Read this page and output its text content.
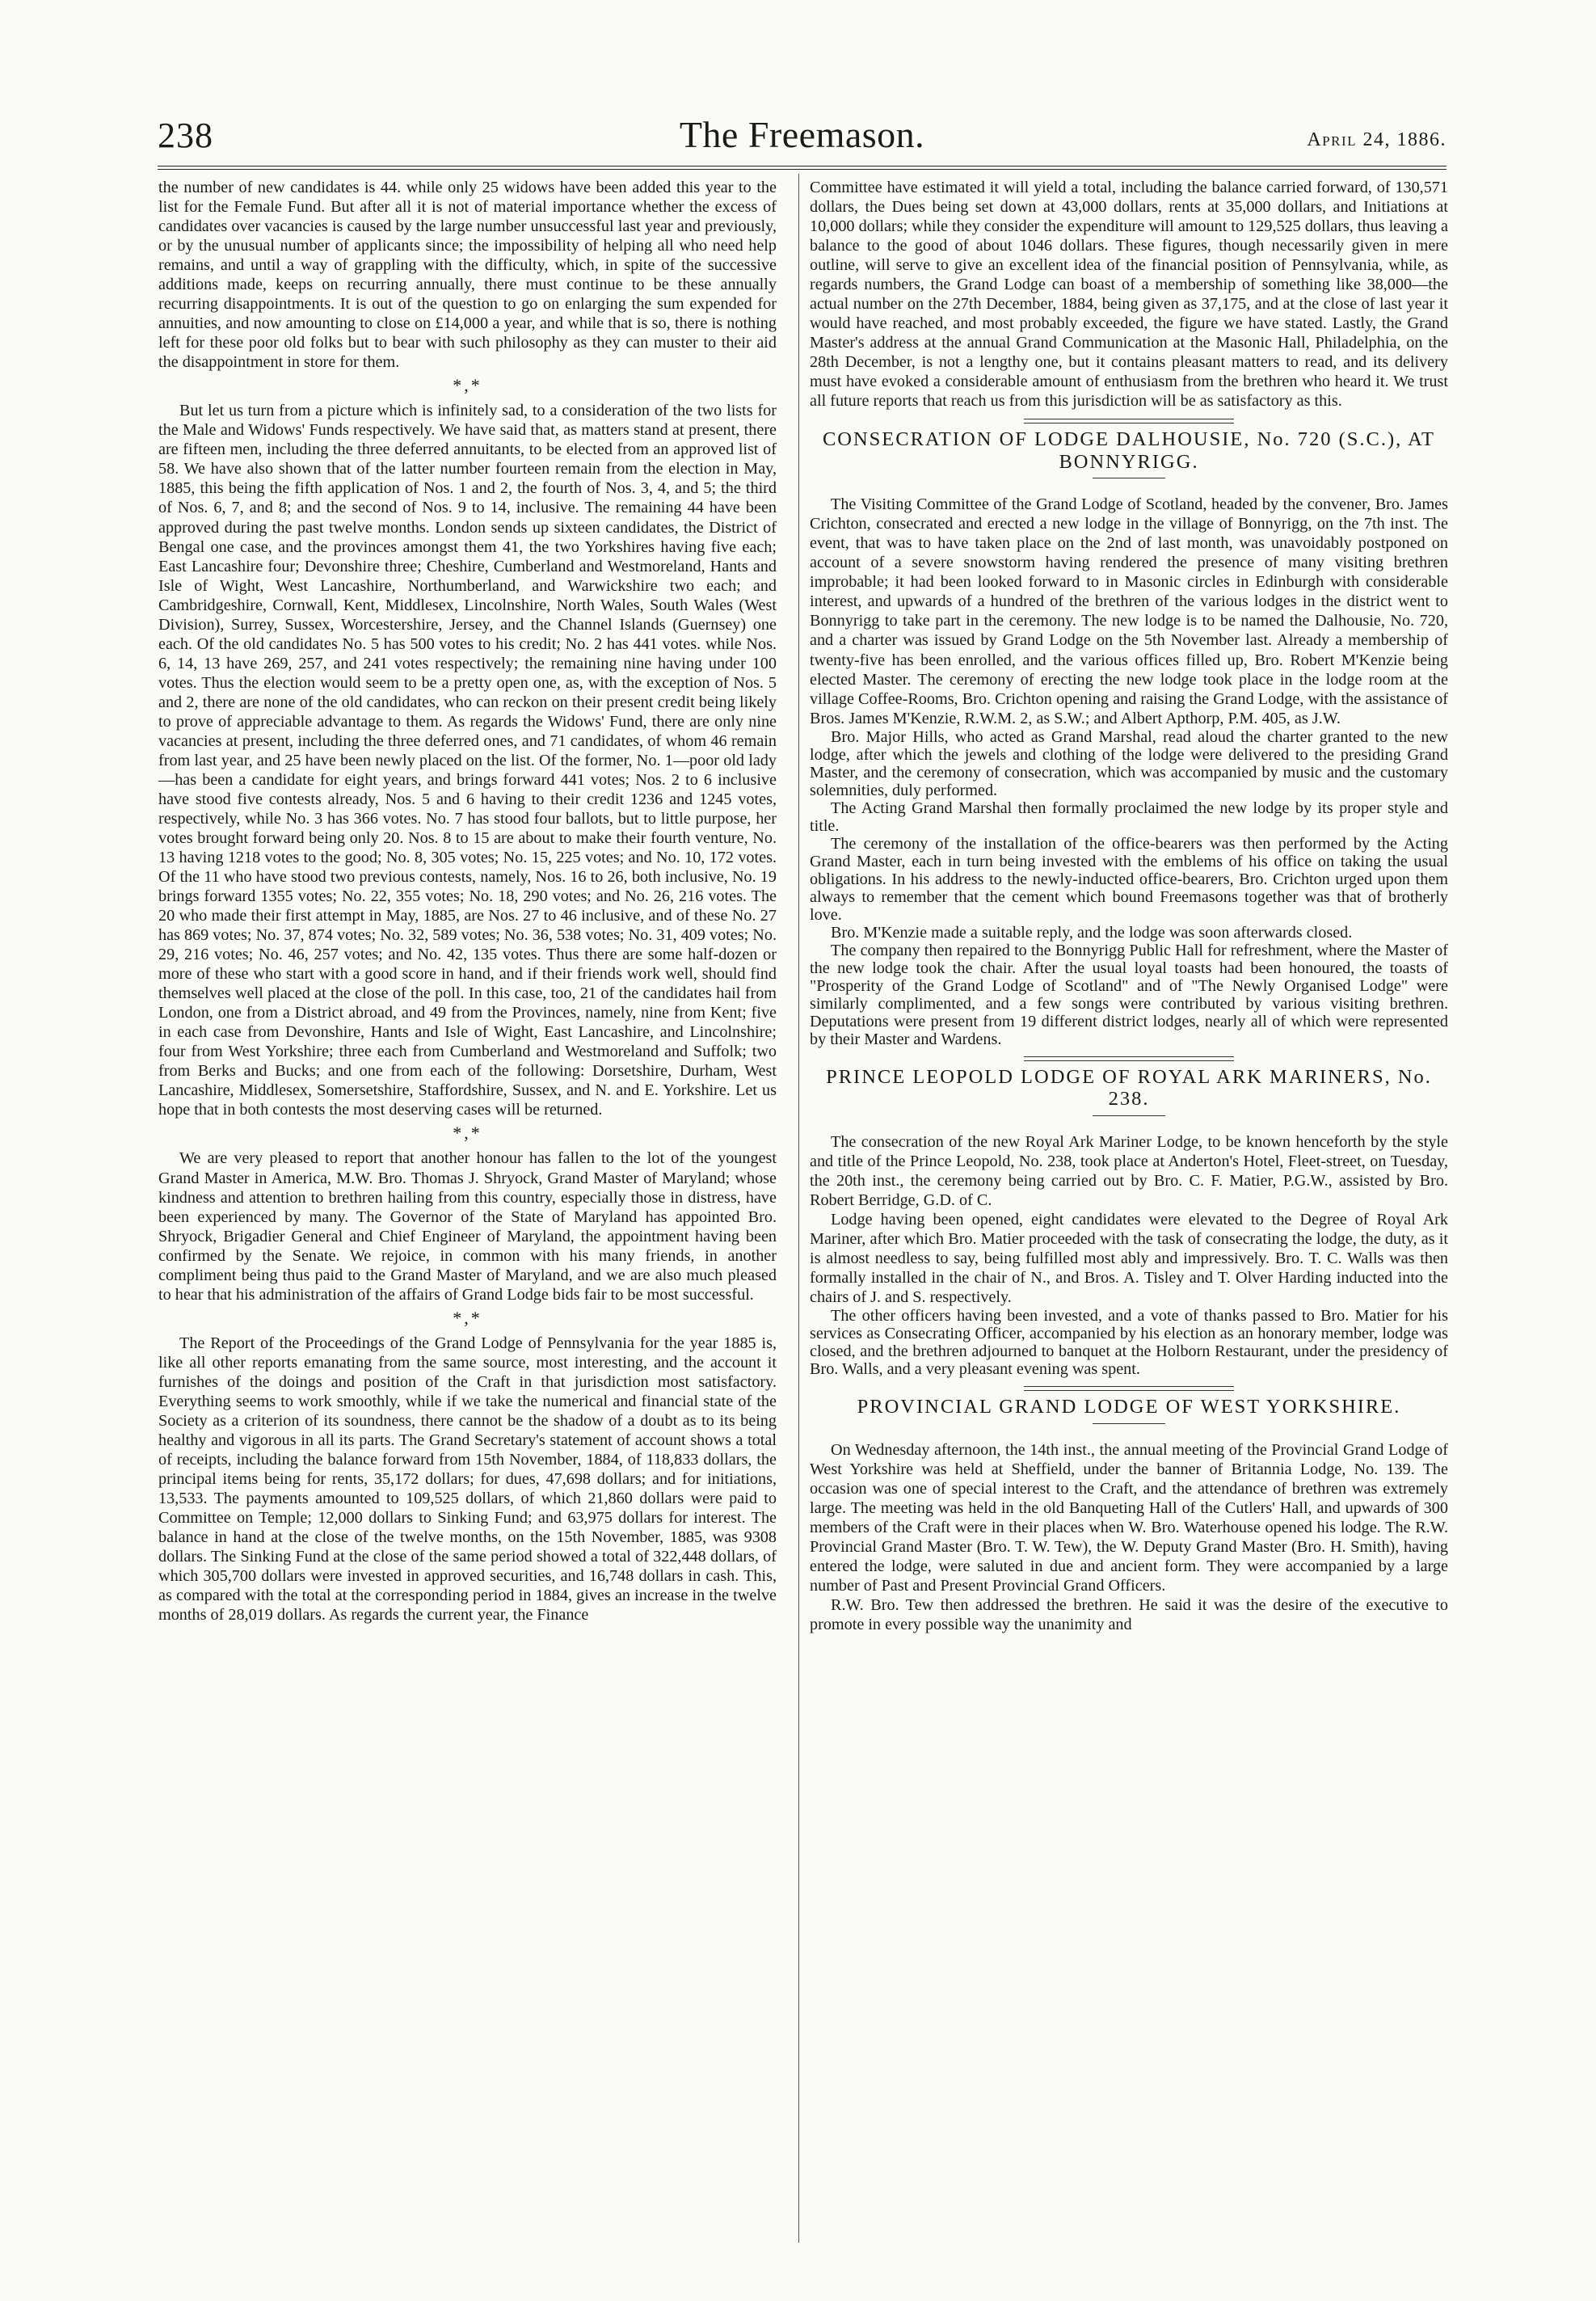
238	The Freemason.	April 24, 1886.

the number of new candidates is 44. while only 25 widows have been added this year to the list for the Female Fund. But after all it is not of material importance whether the excess of candidates over vacancies is caused by the large number unsuccessful last year and previously, or by the unusual number of applicants since; the impossibility of helping all who need help remains, and until a way of grappling with the difficulty, which, in spite of the successive additions made, keeps on recurring annually, there must continue to be these annually recurring disappointments. It is out of the question to go on enlarging the sum expended for annuities, and now amounting to close on £14,000 a year, and while that is so, there is nothing left for these poor old folks but to bear with such philosophy as they can muster to their aid the disappointment in store for them.

*,*

But let us turn from a picture which is infinitely sad, to a consideration of the two lists for the Male and Widows' Funds respectively. We have said that, as matters stand at present, there are fifteen men, including the three deferred annuitants, to be elected from an approved list of 58. We have also shown that of the latter number fourteen remain from the election in May, 1885, this being the fifth application of Nos. 1 and 2, the fourth of Nos. 3, 4, and 5; the third of Nos. 6, 7, and 8; and the second of Nos. 9 to 14, inclusive. The remaining 44 have been approved during the past twelve months. London sends up sixteen candidates, the District of Bengal one case, and the provinces amongst them 41, the two Yorkshires having five each; East Lancashire four; Devonshire three; Cheshire, Cumberland and Westmoreland, Hants and Isle of Wight, West Lancashire, Northumberland, and Warwickshire two each; and Cambridgeshire, Cornwall, Kent, Middlesex, Lincolnshire, North Wales, South Wales (West Division), Surrey, Sussex, Worcestershire, Jersey, and the Channel Islands (Guernsey) one each. Of the old candidates No. 5 has 500 votes to his credit; No. 2 has 441 votes. while Nos. 6, 14, 13 have 269, 257, and 241 votes respectively; the remaining nine having under 100 votes. Thus the election would seem to be a pretty open one, as, with the exception of Nos. 5 and 2, there are none of the old candidates, who can reckon on their present credit being likely to prove of appreciable advantage to them. As regards the Widows' Fund, there are only nine vacancies at present, including the three deferred ones, and 71 candidates, of whom 46 remain from last year, and 25 have been newly placed on the list. Of the former, No. 1—poor old lady—has been a candidate for eight years, and brings forward 441 votes; Nos. 2 to 6 inclusive have stood five contests already, Nos. 5 and 6 having to their credit 1236 and 1245 votes, respectively, while No. 3 has 366 votes. No. 7 has stood four ballots, but to little purpose, her votes brought forward being only 20. Nos. 8 to 15 are about to make their fourth venture, No. 13 having 1218 votes to the good; No. 8, 305 votes; No. 15, 225 votes; and No. 10, 172 votes. Of the 11 who have stood two previous contests, namely, Nos. 16 to 26, both inclusive, No. 19 brings forward 1355 votes; No. 22, 355 votes; No. 18, 290 votes; and No. 26, 216 votes. The 20 who made their first attempt in May, 1885, are Nos. 27 to 46 inclusive, and of these No. 27 has 869 votes; No. 37, 874 votes; No. 32, 589 votes; No. 36, 538 votes; No. 31, 409 votes; No. 29, 216 votes; No. 46, 257 votes; and No. 42, 135 votes. Thus there are some half-dozen or more of these who start with a good score in hand, and if their friends work well, should find themselves well placed at the close of the poll. In this case, too, 21 of the candidates hail from London, one from a District abroad, and 49 from the Provinces, namely, nine from Kent; five in each case from Devonshire, Hants and Isle of Wight, East Lancashire, and Lincolnshire; four from West Yorkshire; three each from Cumberland and Westmoreland and Suffolk; two from Berks and Bucks; and one from each of the following: Dorsetshire, Durham, West Lancashire, Middlesex, Somersetshire, Staffordshire, Sussex, and N. and E. Yorkshire. Let us hope that in both contests the most deserving cases will be returned.

*,*

We are very pleased to report that another honour has fallen to the lot of the youngest Grand Master in America, M.W. Bro. Thomas J. Shryock, Grand Master of Maryland; whose kindness and attention to brethren hailing from this country, especially those in distress, have been experienced by many. The Governor of the State of Maryland has appointed Bro. Shryock, Brigadier General and Chief Engineer of Maryland, the appointment having been confirmed by the Senate. We rejoice, in common with his many friends, in another compliment being thus paid to the Grand Master of Maryland, and we are also much pleased to hear that his administration of the affairs of Grand Lodge bids fair to be most successful.

*,*

The Report of the Proceedings of the Grand Lodge of Pennsylvania for the year 1885 is, like all other reports emanating from the same source, most interesting, and the account it furnishes of the doings and position of the Craft in that jurisdiction most satisfactory. Everything seems to work smoothly, while if we take the numerical and financial state of the Society as a criterion of its soundness, there cannot be the shadow of a doubt as to its being healthy and vigorous in all its parts. The Grand Secretary's statement of account shows a total of receipts, including the balance forward from 15th November, 1884, of 118,833 dollars, the principal items being for rents, 35,172 dollars; for dues, 47,698 dollars; and for initiations, 13,533. The payments amounted to 109,525 dollars, of which 21,860 dollars were paid to Committee on Temple; 12,000 dollars to Sinking Fund; and 63,975 dollars for interest. The balance in hand at the close of the twelve months, on the 15th November, 1885, was 9308 dollars. The Sinking Fund at the close of the same period showed a total of 322,448 dollars, of which 305,700 dollars were invested in approved securities, and 16,748 dollars in cash. This, as compared with the total at the corresponding period in 1884, gives an increase in the twelve months of 28,019 dollars. As regards the current year, the Finance

Committee have estimated it will yield a total, including the balance carried forward, of 130,571 dollars, the Dues being set down at 43,000 dollars, rents at 35,000 dollars, and Initiations at 10,000 dollars; while they consider the expenditure will amount to 129,525 dollars, thus leaving a balance to the good of about 1046 dollars. These figures, though necessarily given in mere outline, will serve to give an excellent idea of the financial position of Pennsylvania, while, as regards numbers, the Grand Lodge can boast of a membership of something like 38,000—the actual number on the 27th December, 1884, being given as 37,175, and at the close of last year it would have reached, and most probably exceeded, the figure we have stated. Lastly, the Grand Master's address at the annual Grand Communication at the Masonic Hall, Philadelphia, on the 28th December, is not a lengthy one, but it contains pleasant matters to read, and its delivery must have evoked a considerable amount of enthusiasm from the brethren who heard it. We trust all future reports that reach us from this jurisdiction will be as satisfactory as this.

CONSECRATION OF LODGE DALHOUSIE, No. 720 (S.C.), AT BONNYRIGG.

The Visiting Committee of the Grand Lodge of Scotland, headed by the convener, Bro. James Crichton, consecrated and erected a new lodge in the village of Bonnyrigg, on the 7th inst. The event, that was to have taken place on the 2nd of last month, was unavoidably postponed on account of a severe snowstorm having rendered the presence of many visiting brethren improbable; it had been looked forward to in Masonic circles in Edinburgh with considerable interest, and upwards of a hundred of the brethren of the various lodges in the district went to Bonnyrigg to take part in the ceremony. The new lodge is to be named the Dalhousie, No. 720, and a charter was issued by Grand Lodge on the 5th November last. Already a membership of twenty-five has been enrolled, and the various offices filled up, Bro. Robert M'Kenzie being elected Master. The ceremony of erecting the new lodge took place in the lodge room at the village Coffee-Rooms, Bro. Crichton opening and raising the Grand Lodge, with the assistance of Bros. James M'Kenzie, R.W.M. 2, as S.W.; and Albert Apthorp, P.M. 405, as J.W.

Bro. Major Hills, who acted as Grand Marshal, read aloud the charter granted to the new lodge, after which the jewels and clothing of the lodge were delivered to the presiding Grand Master, and the ceremony of consecration, which was accompanied by music and the customary solemnities, duly performed.

The Acting Grand Marshal then formally proclaimed the new lodge by its proper style and title.

The ceremony of the installation of the office-bearers was then performed by the Acting Grand Master, each in turn being invested with the emblems of his office on taking the usual obligations. In his address to the newly-inducted office-bearers, Bro. Crichton urged upon them always to remember that the cement which bound Freemasons together was that of brotherly love.

Bro. M'Kenzie made a suitable reply, and the lodge was soon afterwards closed.

The company then repaired to the Bonnyrigg Public Hall for refreshment, where the Master of the new lodge took the chair. After the usual loyal toasts had been honoured, the toasts of "Prosperity of the Grand Lodge of Scotland" and of "The Newly Organised Lodge" were similarly complimented, and a few songs were contributed by various visiting brethren. Deputations were present from 19 different district lodges, nearly all of which were represented by their Master and Wardens.

PRINCE LEOPOLD LODGE OF ROYAL ARK MARINERS, No. 238.

The consecration of the new Royal Ark Mariner Lodge, to be known henceforth by the style and title of the Prince Leopold, No. 238, took place at Anderton's Hotel, Fleet-street, on Tuesday, the 20th inst., the ceremony being carried out by Bro. C. F. Matier, P.G.W., assisted by Bro. Robert Berridge, G.D. of C.

Lodge having been opened, eight candidates were elevated to the Degree of Royal Ark Mariner, after which Bro. Matier proceeded with the task of consecrating the lodge, the duty, as it is almost needless to say, being fulfilled most ably and impressively. Bro. T. C. Walls was then formally installed in the chair of N., and Bros. A. Tisley and T. Olver Harding inducted into the chairs of J. and S. respectively.

The other officers having been invested, and a vote of thanks passed to Bro. Matier for his services as Consecrating Officer, accompanied by his election as an honorary member, lodge was closed, and the brethren adjourned to banquet at the Holborn Restaurant, under the presidency of Bro. Walls, and a very pleasant evening was spent.

PROVINCIAL GRAND LODGE OF WEST YORKSHIRE.

On Wednesday afternoon, the 14th inst., the annual meeting of the Provincial Grand Lodge of West Yorkshire was held at Sheffield, under the banner of Britannia Lodge, No. 139. The occasion was one of special interest to the Craft, and the attendance of brethren was extremely large. The meeting was held in the old Banqueting Hall of the Cutlers' Hall, and upwards of 300 members of the Craft were in their places when W. Bro. Waterhouse opened his lodge. The R.W. Provincial Grand Master (Bro. T. W. Tew), the W. Deputy Grand Master (Bro. H. Smith), having entered the lodge, were saluted in due and ancient form. They were accompanied by a large number of Past and Present Provincial Grand Officers.

R.W. Bro. Tew then addressed the brethren. He said it was the desire of the executive to promote in every possible way the unanimity and
